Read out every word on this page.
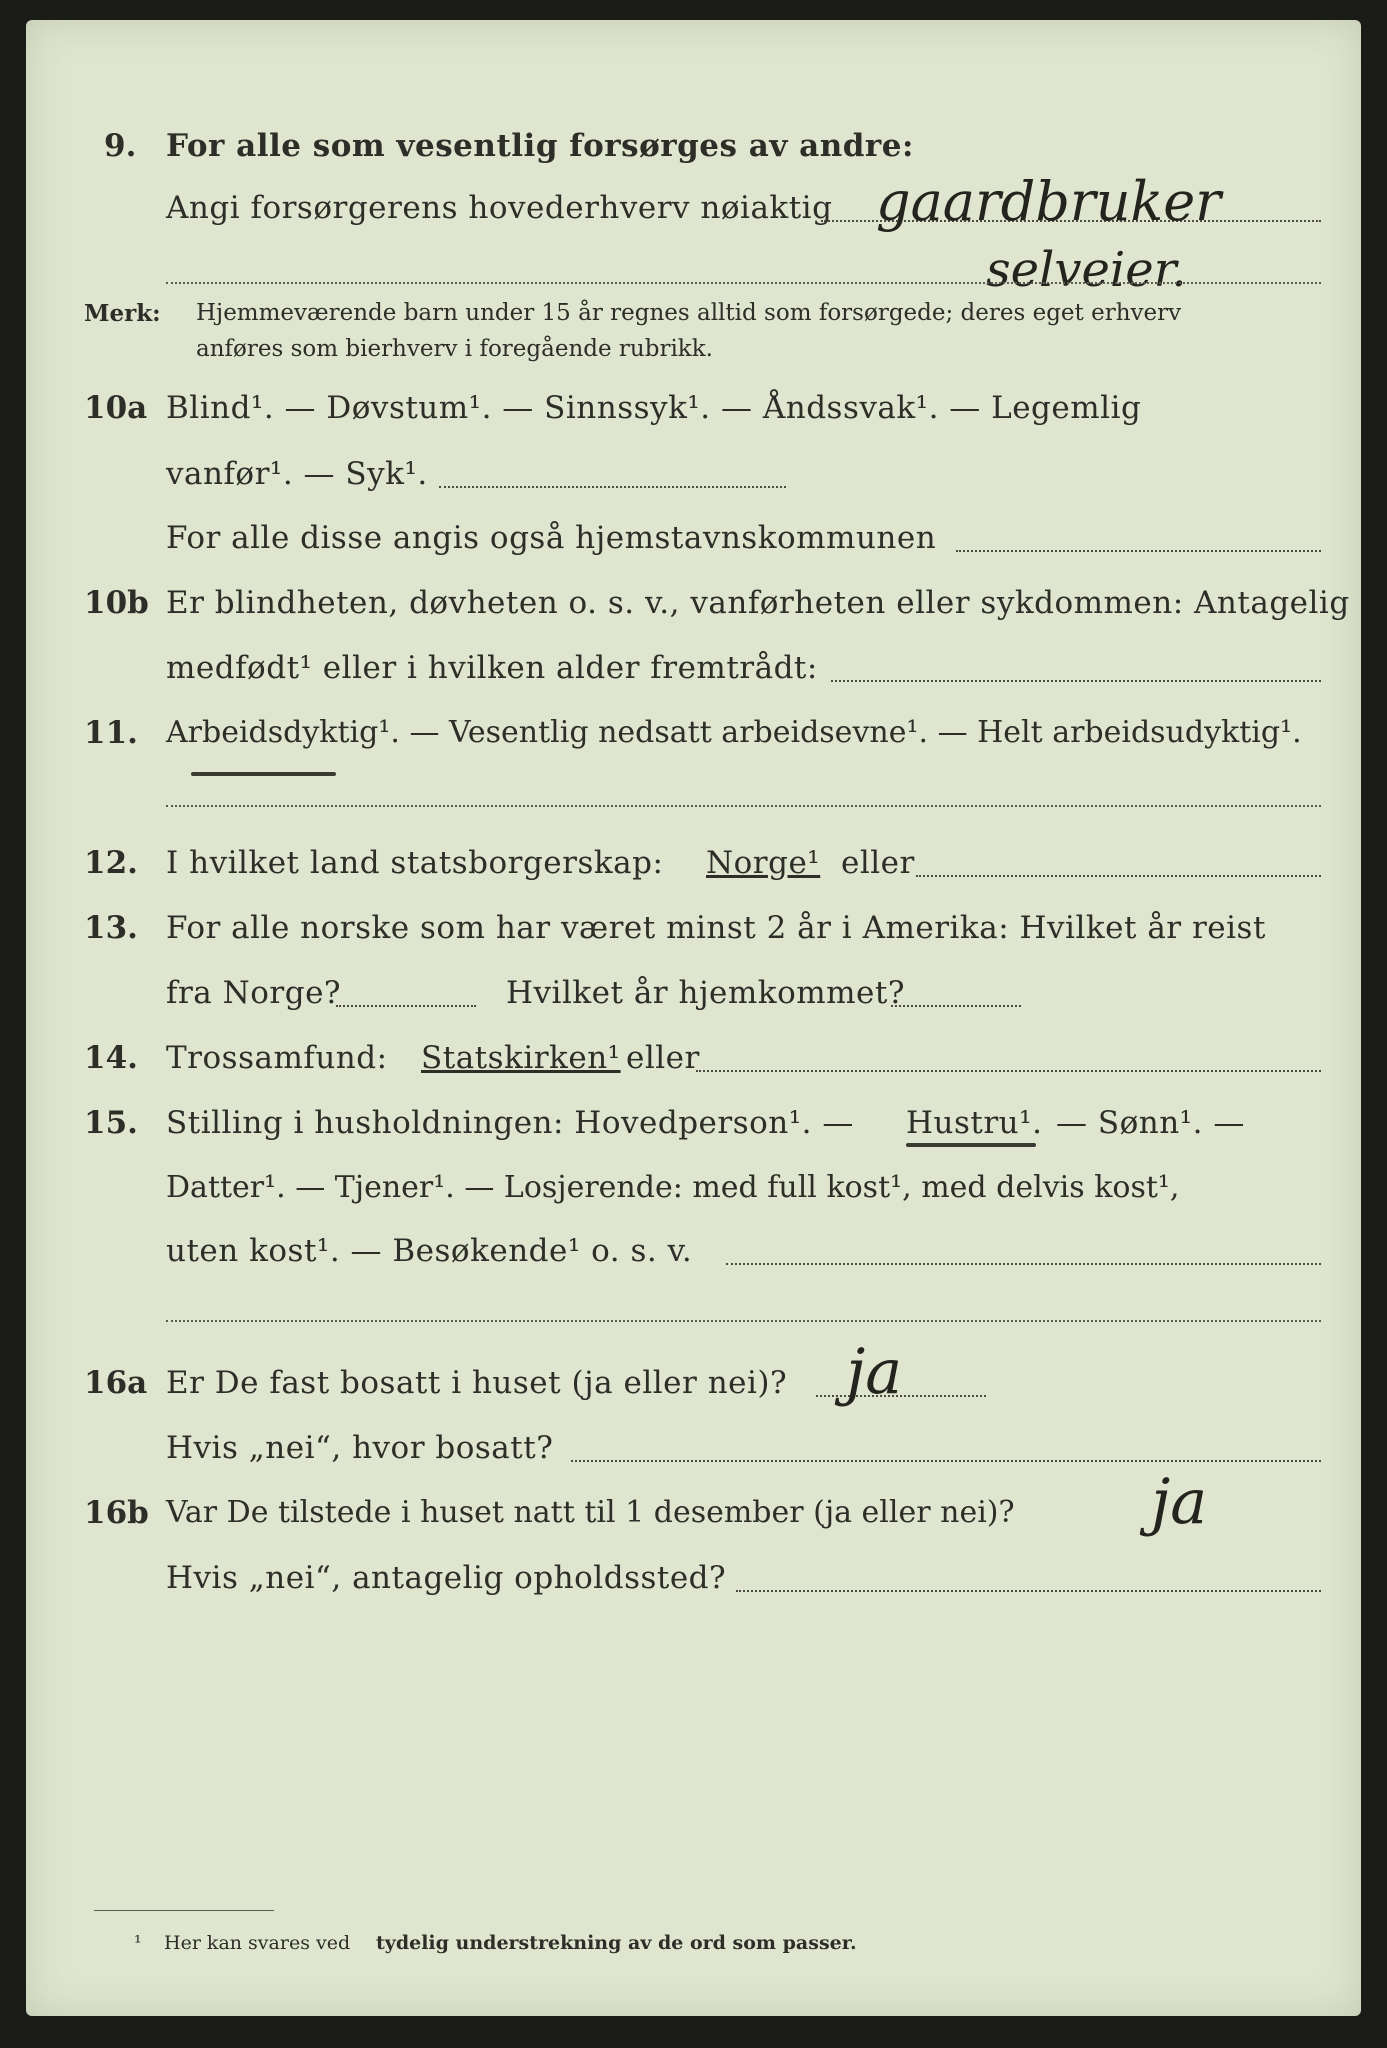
9. For alle som vesentlig forsørges av andre:
Angi forsørgerens hovederhverv nøiaktig gaardbruker
selveier.
Merk: Hjemmeværende barn under 15 år regnes alltid som forsørgede; deres eget erhverv
anføres som bierhverv i foregående rubrikk.
10a Blind¹. — Døvstum¹. — Sinnssyk¹. — Åndssvak¹. — Legemlig
vanfør¹. — Syk¹.
For alle disse angis også hjemstavnskommunen
10b Er blindheten, døvheten o. s. v., vanførheten eller sykdommen: Antagelig
medfødt¹ eller i hvilken alder fremtrådt:
11. Arbeidsdyktig¹. — Vesentlig nedsatt arbeidsevne¹. — Helt arbeidsudyktig¹.
12. I hvilket land statsborgerskap: Norge¹ eller
13. For alle norske som har været minst 2 år i Amerika: Hvilket år reist
fra Norge?	Hvilket år hjemkommet?
14. Trossamfund: Statskirken¹ eller
15. Stilling i husholdningen: Hovedperson¹. — Hustru¹. — Sønn¹. —
Datter¹. — Tjener¹. — Losjerende: med full kost¹, med delvis kost¹,
uten kost¹. — Besøkende¹ o. s. v.
16a Er De fast bosatt i huset (ja eller nei)? ja
Hvis „nei“, hvor bosatt?
16b Var De tilstede i huset natt til 1 desember (ja eller nei)? ja
Hvis „nei“, antagelig opholdssted?
¹ Her kan svares ved tydelig understrekning av de ord som passer.
